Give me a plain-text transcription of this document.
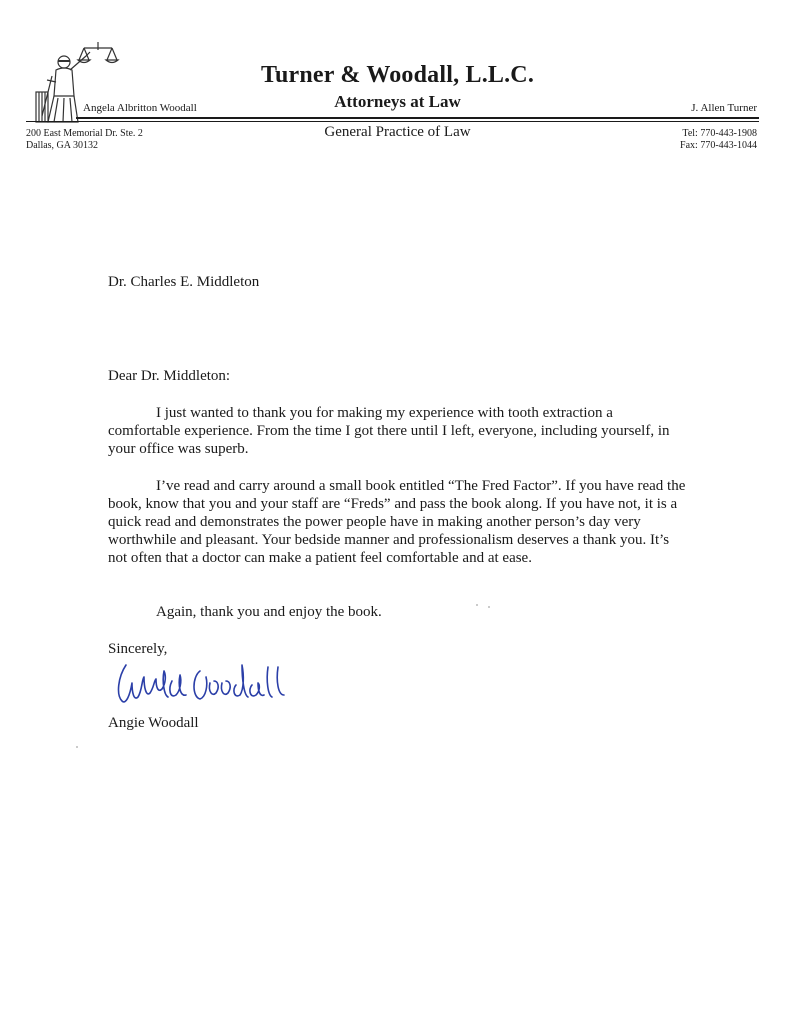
Turner & Woodall, L.L.C.
Attorneys at Law
Angela Albritton Woodall	J. Allen Turner
200 East Memorial Dr. Ste. 2
Dallas, GA 30132
General Practice of Law	Tel: 770-443-1908
Fax: 770-443-1044
Dr. Charles E. Middleton
Dear Dr. Middleton:

I just wanted to thank you for making my experience with tooth extraction a comfortable experience. From the time I got there until I left, everyone, including yourself, in your office was superb.

I’ve read and carry around a small book entitled “The Fred Factor”. If you have read the book, know that you and your staff are “Freds” and pass the book along. If you have not, it is a quick read and demonstrates the power people have in making another person’s day very worthwhile and pleasant. Your bedside manner and professionalism deserves a thank you. It’s not often that a doctor can make a patient feel comfortable and at ease.

Again, thank you and enjoy the book.

Sincerely,
Angie Woodall
